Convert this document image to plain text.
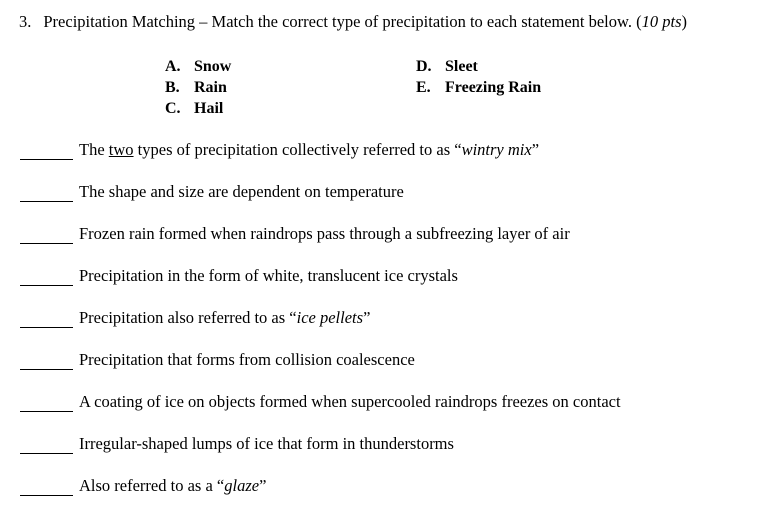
3. Precipitation Matching – Match the correct type of precipitation to each statement below. (10 pts)
A. Snow
B. Rain
C. Hail
D. Sleet
E. Freezing Rain
The two types of precipitation collectively referred to as “wintry mix”
The shape and size are dependent on temperature
Frozen rain formed when raindrops pass through a subfreezing layer of air
Precipitation in the form of white, translucent ice crystals
Precipitation also referred to as “ice pellets”
Precipitation that forms from collision coalescence
A coating of ice on objects formed when supercooled raindrops freezes on contact
Irregular-shaped lumps of ice that form in thunderstorms
Also referred to as a “glaze”
